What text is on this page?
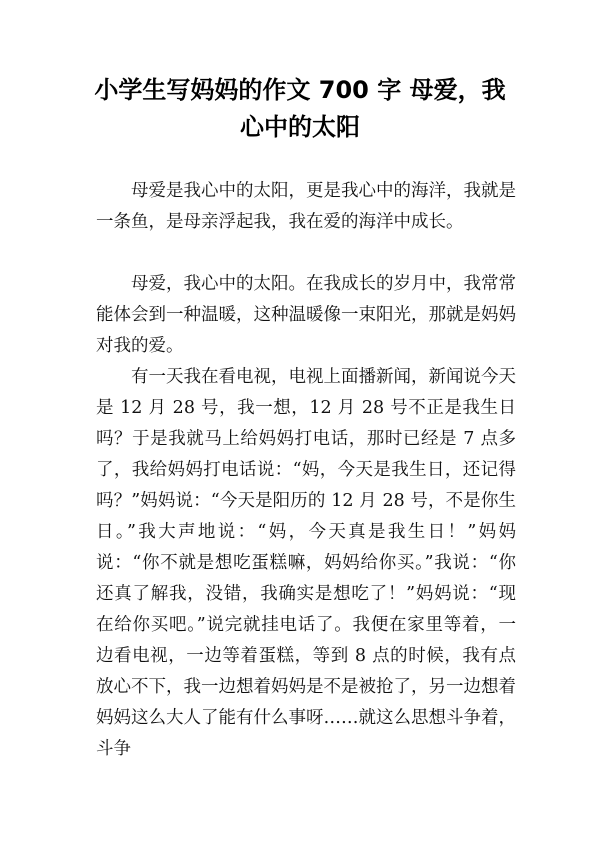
小学生写妈妈的作文 700 字 母爱，我
心中的太阳

母爱是我心中的太阳，更是我心中的海洋，我就是一条鱼，是母亲浮起我，我在爱的海洋中成长。

母爱，我心中的太阳。在我成长的岁月中，我常常能体会到一种温暖，这种温暖像一束阳光，那就是妈妈对我的爱。

有一天我在看电视，电视上面播新闻，新闻说今天是 12 月 28 号，我一想，12 月 28 号不正是我生日吗？于是我就马上给妈妈打电话，那时已经是 7 点多了，我给妈妈打电话说：“妈，今天是我生日，还记得吗？”妈妈说：“今天是阳历的 12 月 28 号，不是你生日。”我大声地说：“妈，今天真是我生日！”妈妈说：“你不就是想吃蛋糕嘛，妈妈给你买。”我说：“你还真了解我，没错，我确实是想吃了！”妈妈说：“现在给你买吧。”说完就挂电话了。我便在家里等着，一边看电视，一边等着蛋糕，等到 8 点的时候，我有点放心不下，我一边想着妈妈是不是被抢了，另一边想着妈妈这么大人了能有什么事呀……就这么思想斗争着，斗争
